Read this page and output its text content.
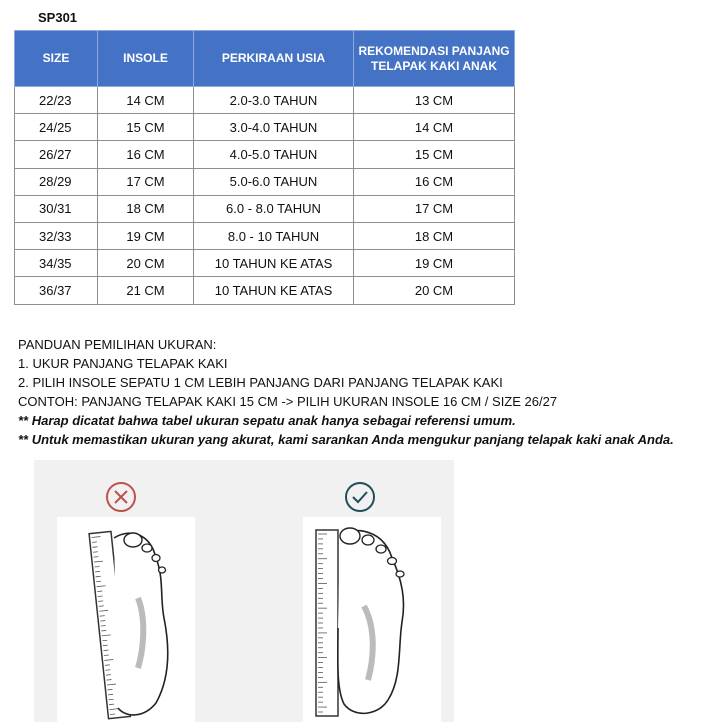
SP301
SIZE	INSOLE	PERKIRAAN USIA	REKOMENDASI PANJANG TELAPAK KAKI ANAK
22/23	14 CM	2.0-3.0 TAHUN	13 CM
24/25	15 CM	3.0-4.0 TAHUN	14 CM
26/27	16 CM	4.0-5.0 TAHUN	15 CM
28/29	17 CM	5.0-6.0 TAHUN	16 CM
30/31	18 CM	6.0 - 8.0 TAHUN	17 CM
32/33	19 CM	8.0 - 10 TAHUN	18 CM
34/35	20 CM	10 TAHUN KE ATAS	19 CM
36/37	21 CM	10 TAHUN KE ATAS	20 CM
PANDUAN PEMILIHAN UKURAN:
1. UKUR PANJANG TELAPAK KAKI
2. PILIH INSOLE SEPATU 1 CM LEBIH PANJANG DARI PANJANG TELAPAK KAKI
CONTOH: PANJANG TELAPAK KAKI 15 CM -> PILIH UKURAN INSOLE 16 CM / SIZE 26/27
** Harap dicatat bahwa tabel ukuran sepatu anak hanya sebagai referensi umum.
** Untuk memastikan ukuran yang akurat, kami sarankan Anda mengukur panjang telapak kaki anak Anda.
